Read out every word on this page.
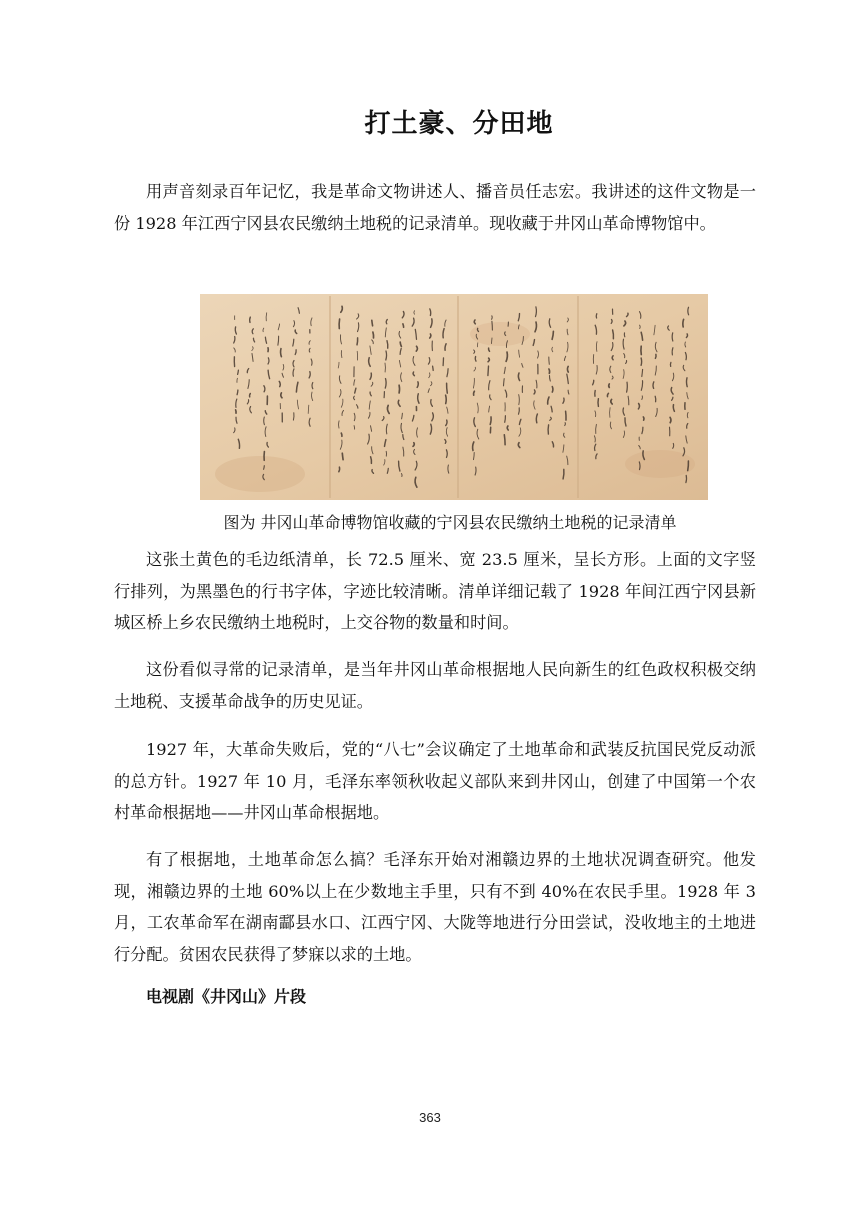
打土豪、分田地

用声音刻录百年记忆，我是革命文物讲述人、播音员任志宏。我讲述的这件文物是一份 1928 年江西宁冈县农民缴纳土地税的记录清单。现收藏于井冈山革命博物馆中。

图为 井冈山革命博物馆收藏的宁冈县农民缴纳土地税的记录清单

这张土黄色的毛边纸清单，长 72.5 厘米、宽 23.5 厘米，呈长方形。上面的文字竖行排列，为黑墨色的行书字体，字迹比较清晰。清单详细记载了 1928 年间江西宁冈县新城区桥上乡农民缴纳土地税时，上交谷物的数量和时间。

这份看似寻常的记录清单，是当年井冈山革命根据地人民向新生的红色政权积极交纳土地税、支援革命战争的历史见证。

1927 年，大革命失败后，党的“八七”会议确定了土地革命和武装反抗国民党反动派的总方针。1927 年 10 月，毛泽东率领秋收起义部队来到井冈山，创建了中国第一个农村革命根据地——井冈山革命根据地。

有了根据地，土地革命怎么搞？毛泽东开始对湘赣边界的土地状况调查研究。他发现，湘赣边界的土地 60%以上在少数地主手里，只有不到 40%在农民手里。1928 年 3 月，工农革命军在湖南酃县水口、江西宁冈、大陇等地进行分田尝试，没收地主的土地进行分配。贫困农民获得了梦寐以求的土地。

电视剧《井冈山》片段
363
